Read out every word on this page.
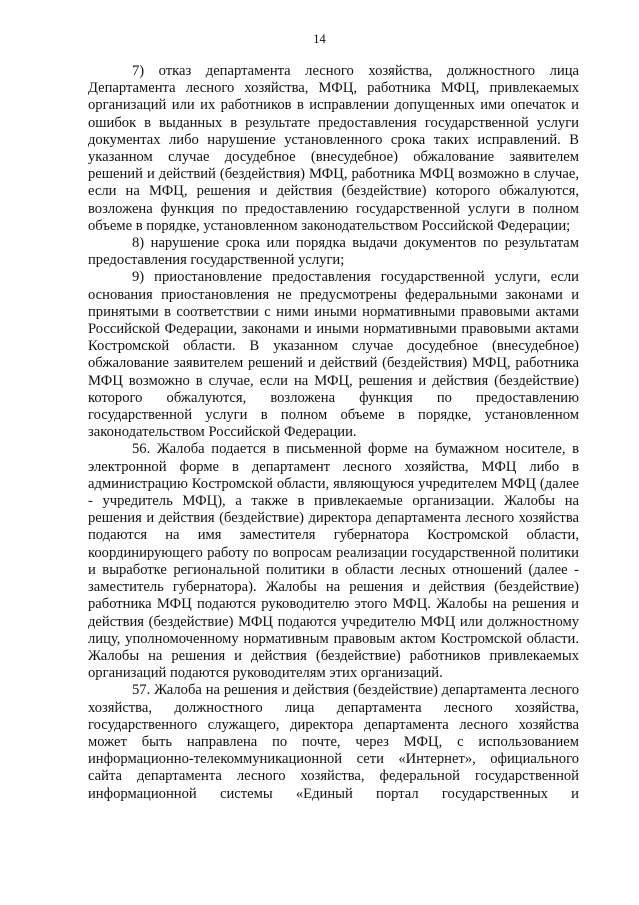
14

7) отказ департамента лесного хозяйства, должностного лица Департамента лесного хозяйства, МФЦ, работника МФЦ, привлекаемых организаций или их работников в исправлении допущенных ими опечаток и ошибок в выданных в результате предоставления государственной услуги документах либо нарушение установленного срока таких исправлений. В указанном случае досудебное (внесудебное) обжалование заявителем решений и действий (бездействия) МФЦ, работника МФЦ возможно в случае, если на МФЦ, решения и действия (бездействие) которого обжалуются, возложена функция по предоставлению государственной услуги в полном объеме в порядке, установленном законодательством Российской Федерации;

8) нарушение срока или порядка выдачи документов по результатам предоставления государственной услуги;

9) приостановление предоставления государственной услуги, если основания приостановления не предусмотрены федеральными законами и принятыми в соответствии с ними иными нормативными правовыми актами Российской Федерации, законами и иными нормативными правовыми актами Костромской области. В указанном случае досудебное (внесудебное) обжалование заявителем решений и действий (бездействия) МФЦ, работника МФЦ возможно в случае, если на МФЦ, решения и действия (бездействие) которого обжалуются, возложена функция по предоставлению государственной услуги в полном объеме в порядке, установленном законодательством Российской Федерации.

56. Жалоба подается в письменной форме на бумажном носителе, в электронной форме в департамент лесного хозяйства, МФЦ либо в администрацию Костромской области, являющуюся учредителем МФЦ (далее - учредитель МФЦ), а также в привлекаемые организации. Жалобы на решения и действия (бездействие) директора департамента лесного хозяйства подаются на имя заместителя губернатора Костромской области, координирующего работу по вопросам реализации государственной политики и выработке региональной политики в области лесных отношений (далее - заместитель губернатора). Жалобы на решения и действия (бездействие) работника МФЦ подаются руководителю этого МФЦ. Жалобы на решения и действия (бездействие) МФЦ подаются учредителю МФЦ или должностному лицу, уполномоченному нормативным правовым актом Костромской области. Жалобы на решения и действия (бездействие) работников привлекаемых организаций подаются руководителям этих организаций.

57. Жалоба на решения и действия (бездействие) департамента лесного хозяйства, должностного лица департамента лесного хозяйства, государственного служащего, директора департамента лесного хозяйства может быть направлена по почте, через МФЦ, с использованием информационно-телекоммуникационной сети «Интернет», официального сайта департамента лесного хозяйства, федеральной государственной информационной системы «Единый портал государственных и
